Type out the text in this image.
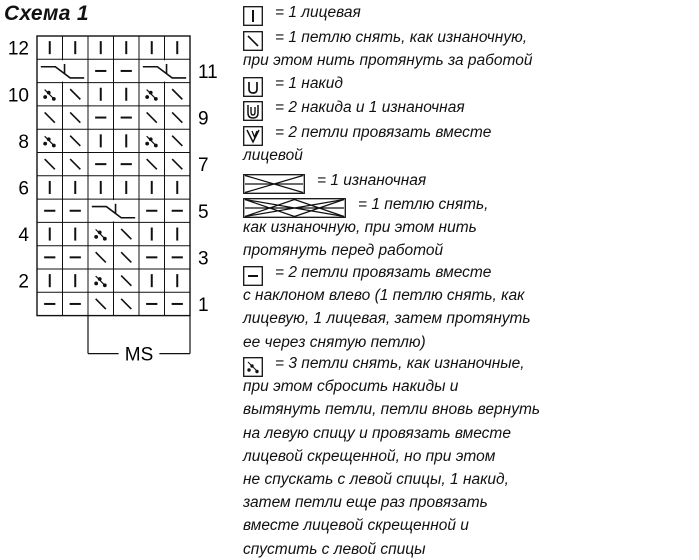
Схема 1
1
2
3
4
5
6
7
8
9
10
11
12
MS
= 1 лицевая
= 1 петлю снять, как изнаночную,
при этом нить протянуть за работой
= 1 накид
= 2 накида и 1 изнаночная
= 2 петли провязать вместе
лицевой
= 1 изнаночная
= 1 петлю снять,
как изнаночную, при этом нить
протянуть перед работой
= 2 петли провязать вместе
с наклоном влево (1 петлю снять, как
лицевую, 1 лицевая, затем протянуть
ее через снятую петлю)
= 3 петли снять, как изнаночные,
при этом сбросить накиды и
вытянуть петли, петли вновь вернуть
на левую спицу и провязать вместе
лицевой скрещенной, но при этом
не спускать с левой спицы, 1 накид,
затем петли еще раз провязать
вместе лицевой скрещенной и
спустить с левой спицы
